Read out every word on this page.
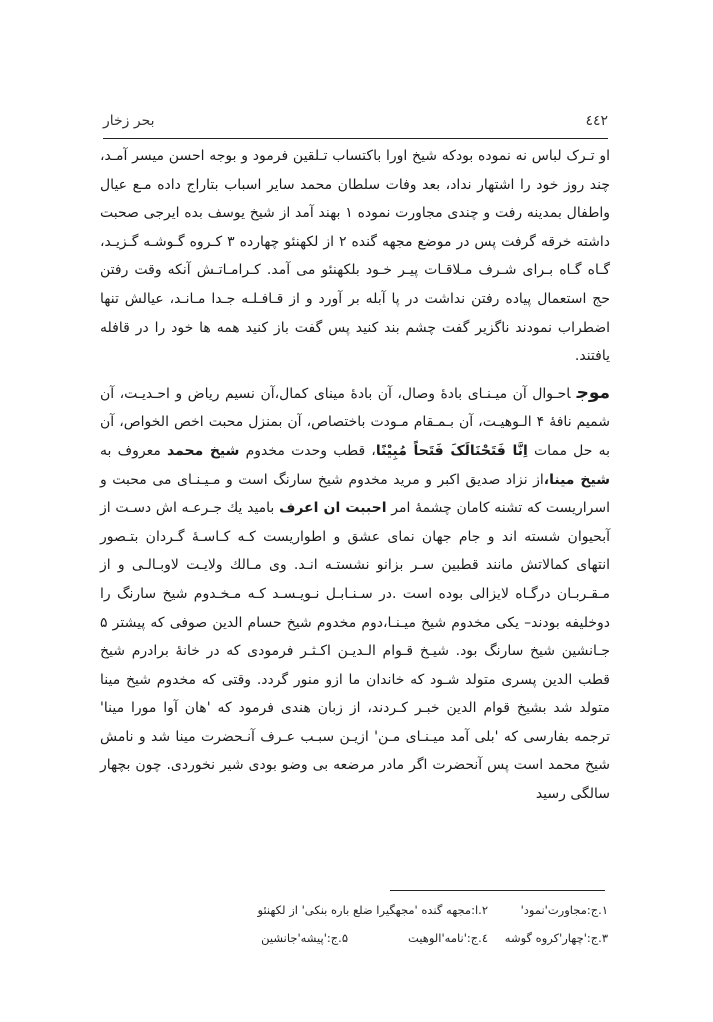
٤٤٢
بحر زخار

او تـرک لباس نه نموده بودکه شیخ اورا باکتساب تـلقین فرمود و بوجه احسن میسر آمـد، چند روز خود را اشتهار نداد، بعد وفات سلطان محمد سایر اسباب بتاراج داده مـع عیال واطفال بمدینه رفت و چندی مجاورت نموده ۱ بهند آمد از شیخ یوسف بده ایرجی صحبت داشته خرقه گرفت پس در موضع مجهه گنده ۲ از لکهنئو چهارده ۳ کـروه گـوشـه گـزیـد، گـاه گـاه بـرای شـرف مـلاقـات پیـر خـود بلکهنئو می آمد. کـرامـاتـش آنکه وقت رفتن حج استعمال پیاده رفتن نداشت در پا آبله بر آورد و از قـافـلـه جـدا مـانـد، عیالش تنها اضطراب نمودند ناگزیر گفت چشم بند کنید پس گفت باز کنید همه ها خود را در قافله یافتند.

موجاحـوال آن میـنـای بادهٔ وصال، آن بادهٔ مینای کمال،آن نسیم ریاض و احـدیـت، آن شمیم نافهٔ ۴ الـوهیـت، آن بـمـقام مـودت باختصاص، آن بمنزل محبت اخص الخواص، آن به حل ممات اِنَّا فَتَحْنَالَکَ فَتَحاً مُبِیْنًا، قطب وحدت مخدوم شیخ محمد معروف به شیخ مینا،از نزاد صدیق اکبر و مرید مخدوم شیخ سارنگ است و مـیـنـای می محبت و اسراریست که تشنه کامان چشمهٔ امر احببت ان اعرف بامید يك جـرعـه اش دسـت از آبحیوان شسته اند و جام جهان نمای عشق و اطواریست کـه کـاسـهٔ گـردان بتـصور انتهای کمالاتش مانند قطبین سـر بزانو نشستـه انـد. وی مـالك ولایـت لاوبـالـی و از مـقـربـان درگـاه لایزالی بوده است .در سـنـابـل نـویـسـد کـه مـخـدوم شیخ سارنگ را دوخلیفه بودند– یکی مخدوم شیخ میـنـا،دوم مخدوم شیخ حسام الدین صوفی که پیشتر ۵ جـانشین شیخ سارنگ بود. شیـخ قـوام الـدیـن اکـثـر فرمودی که در خانهٔ برادرم شیخ قطب الدین پسری متولد شـود که خاندان ما ازو منور گردد. وقتی که مخدوم شیخ مینا متولد شد بشیخ قوام الدین خبـر کـردند، از زبان هندی فرمود که 'هان آوا مورا مینا' ترجمه بفارسی که 'بلی آمد میـنـای مـن' ازیـن سبـب عـرف آنـحضرت مینا شد و نامش شیخ محمد است پس آنحضرت اگر مادر مرضعه بی وضو بودی شیر نخوردی. چون بچهار سالگی رسید

۱.ج:مجاورت'نمود'
۲.ا:مجهه گنده 'مجهگیرا ضلع باره بنکی' از لکهنئو
۳.ج:'چهار'کروه گوشه
٤.ج:'نامه'الوهیت
۵.ج:'پیشه'جانشین
